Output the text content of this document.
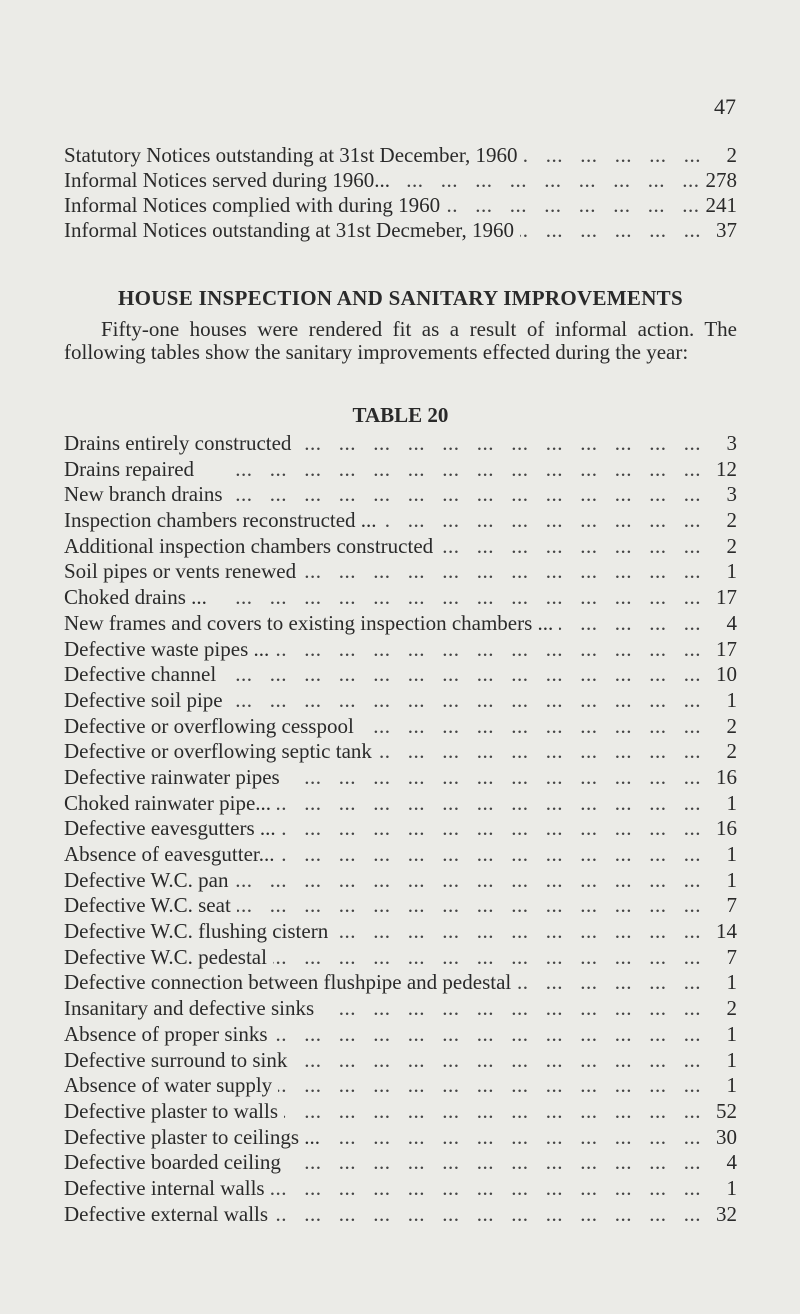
47
Statutory Notices outstanding at 31st December, 1960 ...	2
Informal Notices served during 1960... ...	278
Informal Notices complied with during 1960 ...	241
Informal Notices outstanding at 31st Decmeber, 1960 ...	37
HOUSE INSPECTION AND SANITARY IMPROVEMENTS
Fifty-one houses were rendered fit as a result of informal action. The following tables show the sanitary improvements effected during the year:
TABLE 20
Drains entirely constructed ...	3
Drains repaired ...	12
New branch drains ...	3
Inspection chambers reconstructed ... ...	2
Additional inspection chambers constructed ...	2
Soil pipes or vents renewed ...	1
Choked drains ... ...	17
New frames and covers to existing inspection chambers ... ...	4
Defective waste pipes ... ...	17
Defective channel ...	10
Defective soil pipe ...	1
Defective or overflowing cesspool ...	2
Defective or overflowing septic tank ...	2
Defective rainwater pipes ...	16
Choked rainwater pipe... ...	1
Defective eavesgutters ... ...	16
Absence of eavesgutter... ...	1
Defective W.C. pan ...	1
Defective W.C. seat ...	7
Defective W.C. flushing cistern ...	14
Defective W.C. pedestal ...	7
Defective connection between flushpipe and pedestal ...	1
Insanitary and defective sinks ...	2
Absence of proper sinks ...	1
Defective surround to sink ...	1
Absence of water supply ...	1
Defective plaster to walls ...	52
Defective plaster to ceilings ... ...	30
Defective boarded ceiling ...	4
Defective internal walls ...	1
Defective external walls ...	32
